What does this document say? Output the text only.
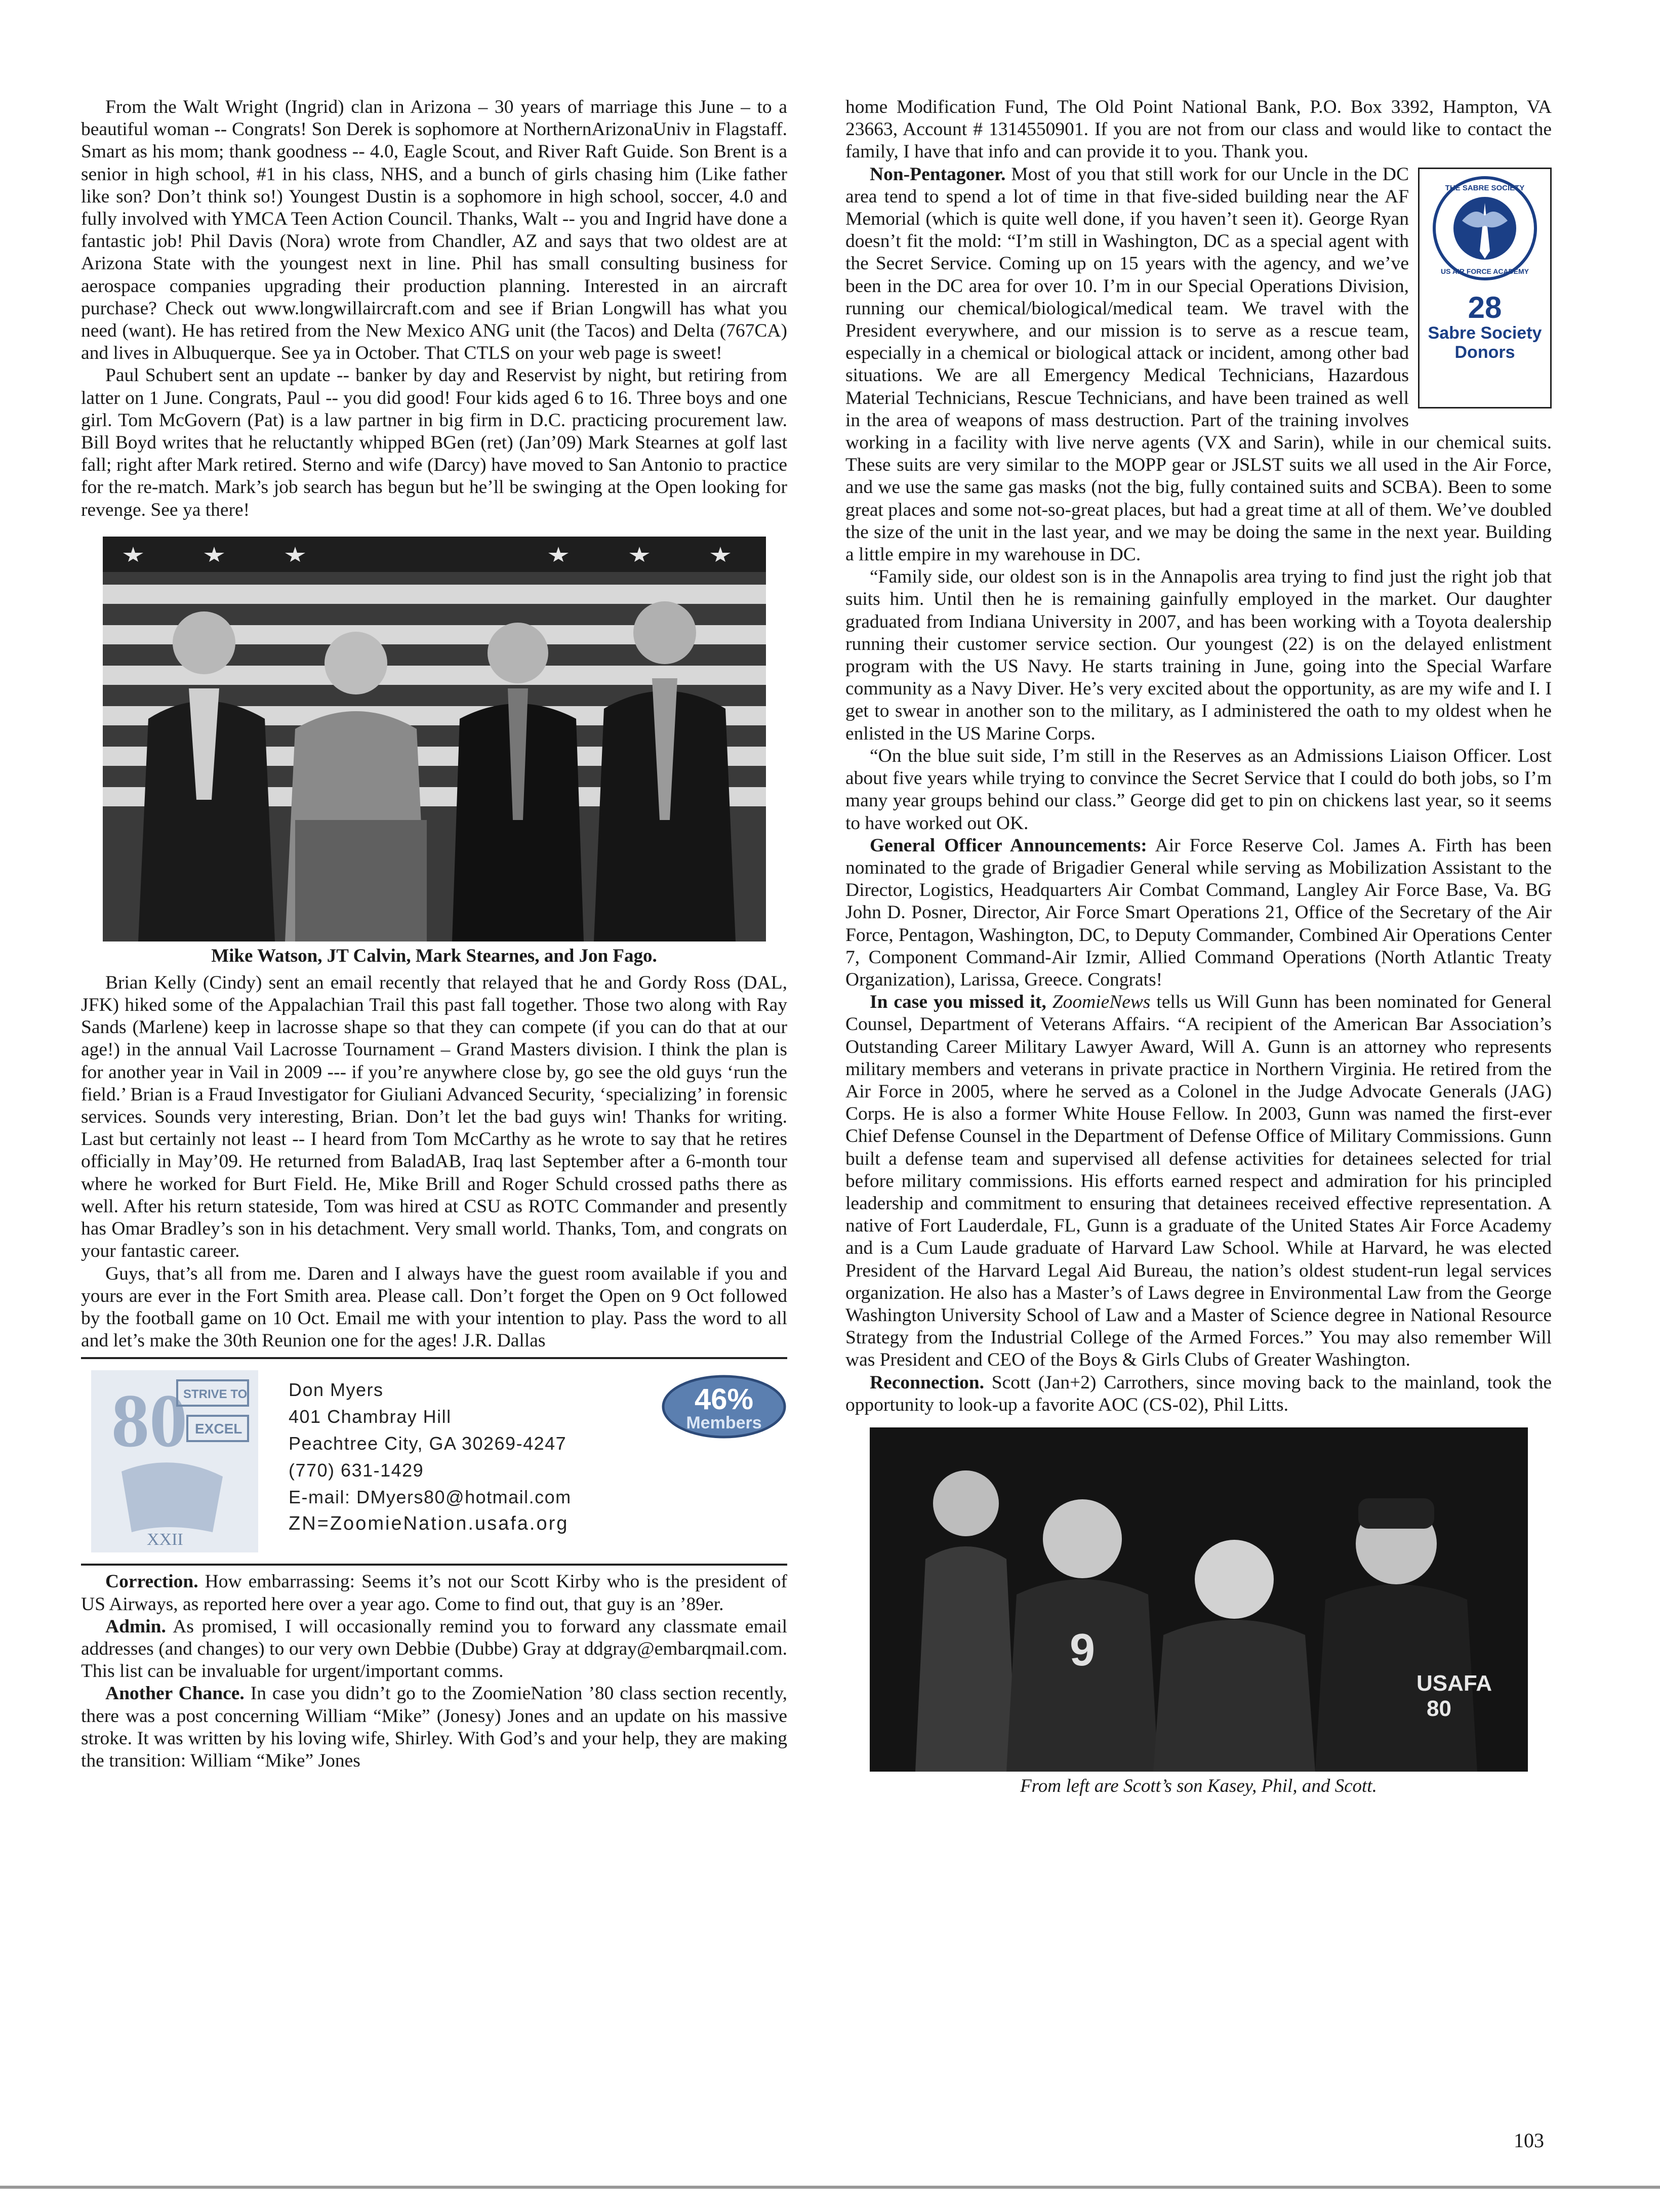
From the Walt Wright (Ingrid) clan in Arizona – 30 years of marriage this June – to a beautiful woman -- Congrats! Son Derek is sophomore at NorthernArizonaUniv in Flagstaff. Smart as his mom; thank goodness -- 4.0, Eagle Scout, and River Raft Guide. Son Brent is a senior in high school, #1 in his class, NHS, and a bunch of girls chasing him (Like father like son? Don’t think so!) Youngest Dustin is a sophomore in high school, soccer, 4.0 and fully involved with YMCA Teen Action Council. Thanks, Walt -- you and Ingrid have done a fantastic job! Phil Davis (Nora) wrote from Chandler, AZ and says that two oldest are at Arizona State with the youngest next in line. Phil has small consulting business for aerospace companies upgrading their production planning. Interested in an aircraft purchase? Check out www.longwillaircraft.com and see if Brian Longwill has what you need (want). He has retired from the New Mexico ANG unit (the Tacos) and Delta (767CA) and lives in Albuquerque. See ya in October. That CTLS on your web page is sweet!

Paul Schubert sent an update -- banker by day and Reservist by night, but retiring from latter on 1 June. Congrats, Paul -- you did good! Four kids aged 6 to 16. Three boys and one girl. Tom McGovern (Pat) is a law partner in big firm in D.C. practicing procurement law. Bill Boyd writes that he reluctantly whipped BGen (ret) (Jan’09) Mark Stearnes at golf last fall; right after Mark retired. Sterno and wife (Darcy) have moved to San Antonio to practice for the re-match. Mark’s job search has begun but he’ll be swinging at the Open looking for revenge. See ya there!

Mike Watson, JT Calvin, Mark Stearnes, and Jon Fago.

Brian Kelly (Cindy) sent an email recently that relayed that he and Gordy Ross (DAL, JFK) hiked some of the Appalachian Trail this past fall together. Those two along with Ray Sands (Marlene) keep in lacrosse shape so that they can compete (if you can do that at our age!) in the annual Vail Lacrosse Tournament – Grand Masters division. I think the plan is for another year in Vail in 2009 --- if you’re anywhere close by, go see the old guys ‘run the field.’ Brian is a Fraud Investigator for Giuliani Advanced Security, ‘specializing’ in forensic services. Sounds very interesting, Brian. Don’t let the bad guys win! Thanks for writing. Last but certainly not least -- I heard from Tom McCarthy as he wrote to say that he retires officially in May’09. He returned from BaladAB, Iraq last September after a 6-month tour where he worked for Burt Field. He, Mike Brill and Roger Schuld crossed paths there as well. After his return stateside, Tom was hired at CSU as ROTC Commander and presently has Omar Bradley’s son in his detachment. Very small world. Thanks, Tom, and congrats on your fantastic career.

Guys, that’s all from me. Daren and I always have the guest room available if you and yours are ever in the Fort Smith area. Please call. Don’t forget the Open on 9 Oct followed by the football game on 10 Oct. Email me with your intention to play. Pass the word to all and let’s make the 30th Reunion one for the ages! J.R. Dallas

80
STRIVE TO
EXCEL
XXII
Don Myers
401 Chambray Hill
Peachtree City, GA 30269-4247
(770) 631-1429
E-mail: DMyers80@hotmail.com
ZN=ZoomieNation.usafa.org
46%
Members

Correction. How embarrassing: Seems it’s not our Scott Kirby who is the president of US Airways, as reported here over a year ago. Come to find out, that guy is an ’89er.

Admin. As promised, I will occasionally remind you to forward any classmate email addresses (and changes) to our very own Debbie (Dubbe) Gray at ddgray@embarqmail.com. This list can be invaluable for urgent/important comms.

Another Chance. In case you didn’t go to the ZoomieNation ’80 class section recently, there was a post concerning William “Mike” (Jonesy) Jones and an update on his massive stroke. It was written by his loving wife, Shirley. With God’s and your help, they are making the transition: William “Mike” Jones

home Modification Fund, The Old Point National Bank, P.O. Box 3392, Hampton, VA 23663, Account # 1314550901. If you are not from our class and would like to contact the family, I have that info and can provide it to you. Thank you.

Non-Pentagoner.
THE SABRE SOCIETY
US AIR FORCE ACADEMY
28
Sabre Society
Donors
Most of you that still work for our Uncle in the DC area tend to spend a lot of time in that five-sided building near the AF Memorial (which is quite well done, if you haven’t seen it). George Ryan doesn’t fit the mold: “I’m still in Washington, DC as a special agent with the Secret Service. Coming up on 15 years with the agency, and we’ve been in the DC area for over 10. I’m in our Special Operations Division, running our chemical/biological/medical team. We travel with the President everywhere, and our mission is to serve as a rescue team, especially in a chemical or biological attack or incident, among other bad situations. We are all Emergency Medical Technicians, Hazardous Material Technicians, Rescue Technicians, and have been trained as well in the area of weapons of mass destruction. Part of the training involves working in a facility with live nerve agents (VX and Sarin), while in our chemical suits. These suits are very similar to the MOPP gear or JSLST suits we all used in the Air Force, and we use the same gas masks (not the big, fully contained suits and SCBA). Been to some great places and some not-so-great places, but had a great time at all of them. We’ve doubled the size of the unit in the last year, and we may be doing the same in the next year. Building a little empire in my warehouse in DC.

“Family side, our oldest son is in the Annapolis area trying to find just the right job that suits him. Until then he is remaining gainfully employed in the market. Our daughter graduated from Indiana University in 2007, and has been working with a Toyota dealership running their customer service section. Our youngest (22) is on the delayed enlistment program with the US Navy. He starts training in June, going into the Special Warfare community as a Navy Diver. He’s very excited about the opportunity, as are my wife and I. I get to swear in another son to the military, as I administered the oath to my oldest when he enlisted in the US Marine Corps.

“On the blue suit side, I’m still in the Reserves as an Admissions Liaison Officer. Lost about five years while trying to convince the Secret Service that I could do both jobs, so I’m many year groups behind our class.” George did get to pin on chickens last year, so it seems to have worked out OK.

General Officer Announcements: Air Force Reserve Col. James A. Firth has been nominated to the grade of Brigadier General while serving as Mobilization Assistant to the Director, Logistics, Headquarters Air Combat Command, Langley Air Force Base, Va. BG John D. Posner, Director, Air Force Smart Operations 21, Office of the Secretary of the Air Force, Pentagon, Washington, DC, to Deputy Commander, Combined Air Operations Center 7, Component Command-Air Izmir, Allied Command Operations (North Atlantic Treaty Organization), Larissa, Greece. Congrats!

In case you missed it, ZoomieNews tells us Will Gunn has been nominated for General Counsel, Department of Veterans Affairs. “A recipient of the American Bar Association’s Outstanding Career Military Lawyer Award, Will A. Gunn is an attorney who represents military members and veterans in private practice in Northern Virginia. He retired from the Air Force in 2005, where he served as a Colonel in the Judge Advocate Generals (JAG) Corps. He is also a former White House Fellow. In 2003, Gunn was named the first-ever Chief Defense Counsel in the Department of Defense Office of Military Commissions. Gunn built a defense team and supervised all defense activities for detainees selected for trial before military commissions. His efforts earned respect and admiration for his principled leadership and commitment to ensuring that detainees received effective representation. A native of Fort Lauderdale, FL, Gunn is a graduate of the United States Air Force Academy and is a Cum Laude graduate of Harvard Law School. While at Harvard, he was elected President of the Harvard Legal Aid Bureau, the nation’s oldest student-run legal services organization. He also has a Master’s of Laws degree in Environmental Law from the George Washington University School of Law and a Master of Science degree in National Resource Strategy from the Industrial College of the Armed Forces.” You may also remember Will was President and CEO of the Boys & Girls Clubs of Greater Washington.

Reconnection. Scott (Jan+2) Carrothers, since moving back to the mainland, took the opportunity to look-up a favorite AOC (CS-02), Phil Litts.

9
USAFA
80
From left are Scott’s son Kasey, Phil, and Scott.
103
